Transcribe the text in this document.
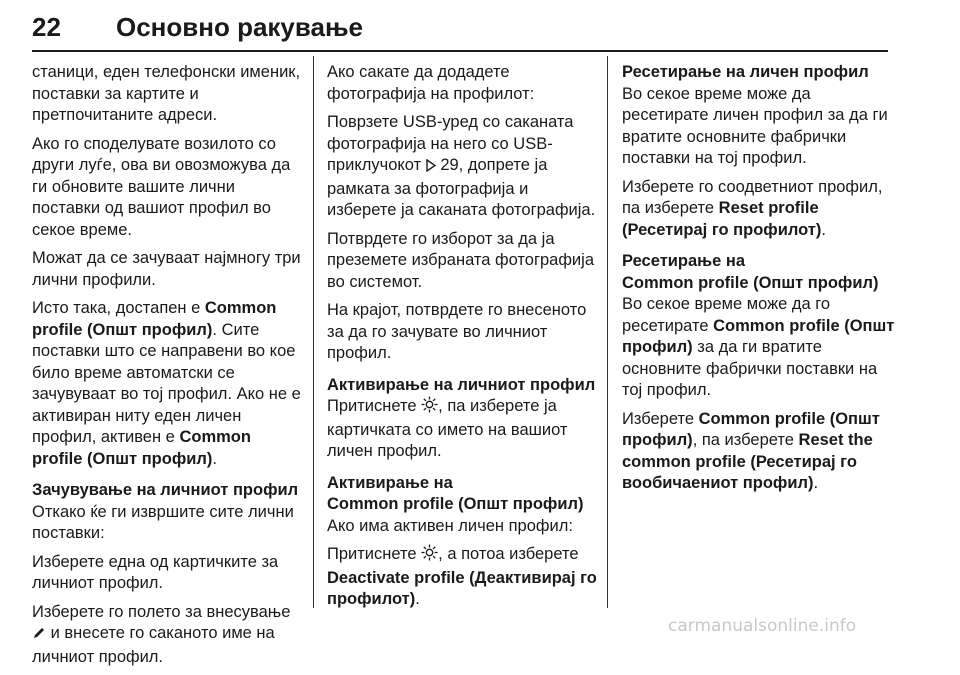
22 Основно ракување

станици, еден телефонски именик, поставки за картите и претпочитаните адреси.

Ако го споделувате возилото со други луѓе, ова ви овозможува да ги обновите вашите лични поставки од вашиот профил во секое време.

Можат да се зачуваат најмногу три лични профили.

Исто така, достапен е Common profile (Општ профил). Сите поставки што се направени во кое било време автоматски се зачувуваат во тој профил. Ако не е активиран ниту еден личен профил, активен е Common profile (Општ профил).

Зачувување на личниот профил

Откако ќе ги извршите сите лични поставки:

Изберете една од картичките за личниот профил.

Изберете го полето за внесување  и внесете го саканото име на личниот профил.

Ако сакате да додадете фотографија на профилот:

Поврзете USB-уред со саканата фотографија на него со USB-приклучокот  29, допрете ја рамката за фотографија и изберете ја саканата фотографија.

Потврдете го изборот за да ја преземете избраната фотографија во системот.

На крајот, потврдете го внесеното за да го зачувате во личниот профил.

Активирање на личниот профил

Притиснете , па изберете ја картичката со името на вашиот личен профил.

Активирање на
Common profile (Општ профил)

Ако има активен личен профил:

Притиснете , а потоа изберете Deactivate profile (Деактивирај го профилот).

Ресетирање на личен профил

Во секое време може да ресетирате личен профил за да ги вратите основните фабрички поставки на тој профил.

Изберете го соодветниот профил, па изберете Reset profile (Ресетирај го профилот).

Ресетирање на
Common profile (Општ профил)

Во секое време може да го ресетирате Common profile (Општ профил) за да ги вратите основните фабрички поставки на тој профил.

Изберете Common profile (Општ профил), па изберете Reset the common profile (Ресетирај го вообичаениот профил).

carmanualsonline.info
